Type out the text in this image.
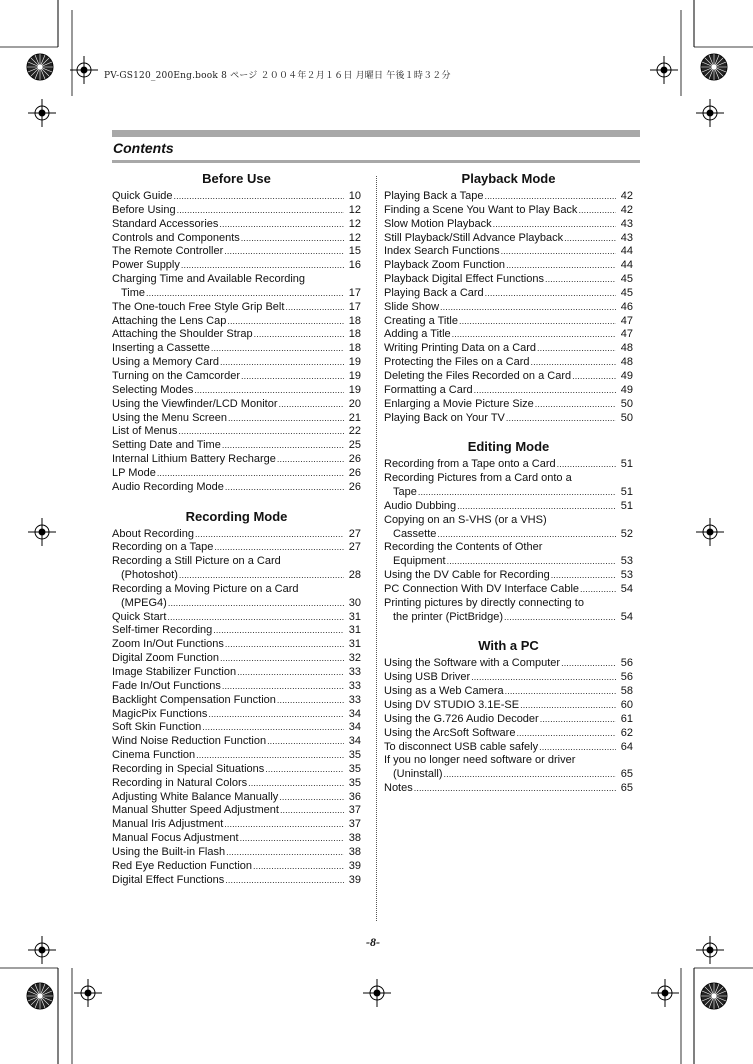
PV-GS120_200Eng.book 8 ページ ２００４年２月１６日 月曜日 午後１時３２分
Contents
Before Use
Quick Guide . . .	10
Before Using . . .	12
Standard Accessories . . .	12
Controls and Components . . .	12
The Remote Controller . . .	15
Power Supply . . .	16
Charging Time and Available Recording
Time . . .	17
The One-touch Free Style Grip Belt . . .	17
Attaching the Lens Cap . . .	18
Attaching the Shoulder Strap . . .	18
Inserting a Cassette . . .	18
Using a Memory Card . . .	19
Turning on the Camcorder . . .	19
Selecting Modes . . .	19
Using the Viewfinder/LCD Monitor . . .	20
Using the Menu Screen . . .	21
List of Menus . . .	22
Setting Date and Time . . .	25
Internal Lithium Battery Recharge . . .	26
LP Mode . . .	26
Audio Recording Mode . . .	26
Recording Mode
About Recording . . .	27
Recording on a Tape . . .	27
Recording a Still Picture on a Card
(Photoshot) . . .	28
Recording a Moving Picture on a Card
(MPEG4) . . .	30
Quick Start . . .	31
Self-timer Recording . . .	31
Zoom In/Out Functions . . .	31
Digital Zoom Function . . .	32
Image Stabilizer Function . . .	33
Fade In/Out Functions . . .	33
Backlight Compensation Function . . .	33
MagicPix Functions . . .	34
Soft Skin Function . . .	34
Wind Noise Reduction Function . . .	34
Cinema Function . . .	35
Recording in Special Situations . . .	35
Recording in Natural Colors . . .	35
Adjusting White Balance Manually . . .	36
Manual Shutter Speed Adjustment . . .	37
Manual Iris Adjustment . . .	37
Manual Focus Adjustment . . .	38
Using the Built-in Flash . . .	38
Red Eye Reduction Function . . .	39
Digital Effect Functions . . .	39
Playback Mode
Playing Back a Tape . . .	42
Finding a Scene You Want to Play Back . . .	42
Slow Motion Playback . . .	43
Still Playback/Still Advance Playback . . .	43
Index Search Functions . . .	44
Playback Zoom Function . . .	44
Playback Digital Effect Functions . . .	45
Playing Back a Card . . .	45
Slide Show . . .	46
Creating a Title . . .	47
Adding a Title . . .	47
Writing Printing Data on a Card . . .	48
Protecting the Files on a Card . . .	48
Deleting the Files Recorded on a Card . . .	49
Formatting a Card . . .	49
Enlarging a Movie Picture Size . . .	50
Playing Back on Your TV . . .	50
Editing Mode
Recording from a Tape onto a Card . . .	51
Recording Pictures from a Card onto a
Tape . . .	51
Audio Dubbing . . .	51
Copying on an S-VHS (or a VHS)
Cassette . . .	52
Recording the Contents of Other
Equipment . . .	53
Using the DV Cable for Recording . . .	53
PC Connection With DV Interface Cable . . .	54
Printing pictures by directly connecting to
the printer (PictBridge) . . .	54
With a PC
Using the Software with a Computer . . .	56
Using USB Driver . . .	56
Using as a Web Camera . . .	58
Using DV STUDIO 3.1E-SE . . .	60
Using the G.726 Audio Decoder . . .	61
Using the ArcSoft Software . . .	62
To disconnect USB cable safely . . .	64
If you no longer need software or driver
(Uninstall) . . .	65
Notes . . .	65
-8-
